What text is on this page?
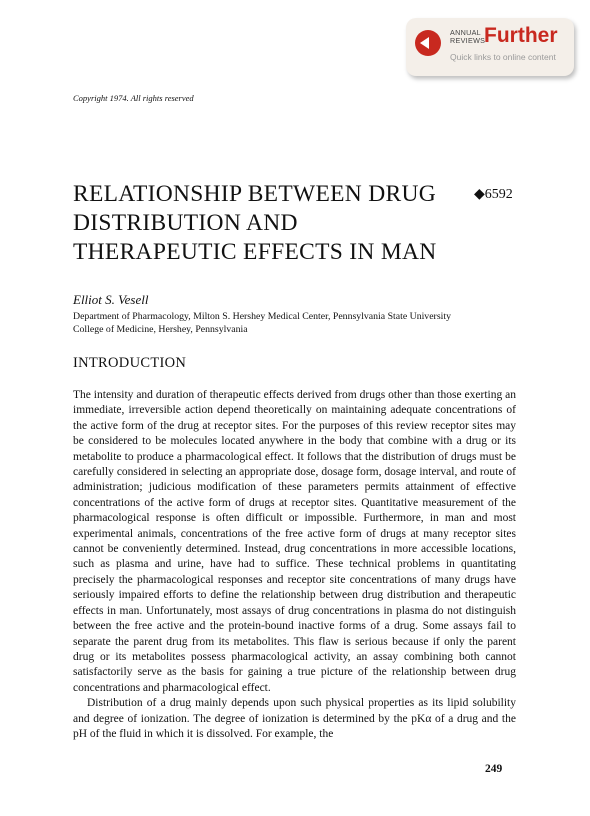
ANNUAL
REVIEWS
Further
Quick links to online content
Copyright 1974. All rights reserved
RELATIONSHIP BETWEEN DRUG DISTRIBUTION AND THERAPEUTIC EFFECTS IN MAN
◆6592
Elliot S. Vesell
Department of Pharmacology, Milton S. Hershey Medical Center, Pennsylvania State University College of Medicine, Hershey, Pennsylvania
INTRODUCTION

The intensity and duration of therapeutic effects derived from drugs other than those exerting an immediate, irreversible action depend theoretically on maintaining adequate concentrations of the active form of the drug at receptor sites. For the purposes of this review receptor sites may be considered to be molecules located anywhere in the body that combine with a drug or its metabolite to produce a pharmacological effect. It follows that the distribution of drugs must be carefully considered in selecting an appropriate dose, dosage form, dosage interval, and route of administration; judicious modification of these parameters permits attainment of effective concentrations of the active form of drugs at receptor sites. Quantitative measurement of the pharmacological response is often difficult or impossible. Furthermore, in man and most experimental animals, concentrations of the free active form of drugs at many receptor sites cannot be conveniently determined. Instead, drug concentrations in more accessible locations, such as plasma and urine, have had to suffice. These technical problems in quantitating precisely the pharmacological responses and receptor site concentrations of many drugs have seriously impaired efforts to define the relationship between drug distribution and therapeutic effects in man. Unfortunately, most assays of drug concentrations in plasma do not distinguish between the free active and the protein-bound inactive forms of a drug. Some assays fail to separate the parent drug from its metabolites. This flaw is serious because if only the parent drug or its metabolites possess pharmacological activity, an assay combining both cannot satisfactorily serve as the basis for gaining a true picture of the relationship between drug concentrations and pharmacological effect.

Distribution of a drug mainly depends upon such physical properties as its lipid solubility and degree of ionization. The degree of ionization is determined by the pKα of a drug and the pH of the fluid in which it is dissolved. For example, the

249
